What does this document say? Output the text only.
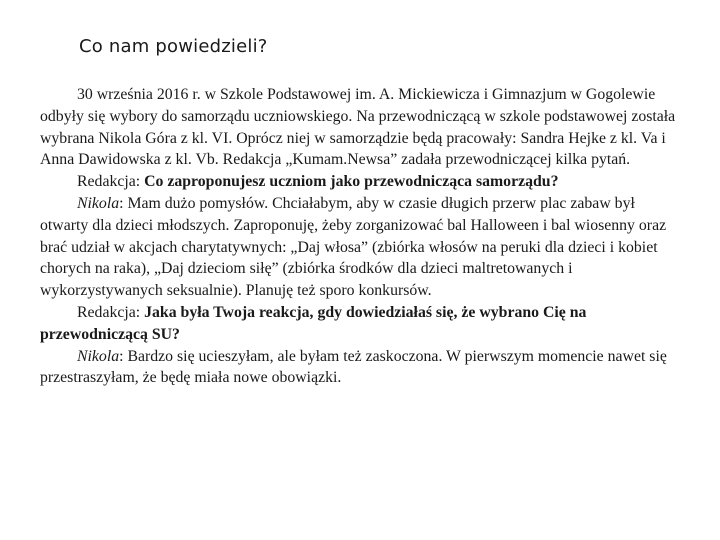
Co nam powiedzieli?

30 września 2016 r. w Szkole Podstawowej im. A. Mickiewicza i Gimnazjum w Gogolewie odbyły się wybory do samorządu uczniowskiego. Na przewodniczącą w szkole podstawowej została wybrana Nikola Góra z kl. VI. Oprócz niej w samorządzie będą pracowały: Sandra Hejke z kl. Va i Anna Dawidowska z kl. Vb. Redakcja „Kumam.Newsa” zadała przewodniczącej kilka pytań.

Redakcja: Co zaproponujesz uczniom jako przewodnicząca samorządu?

Nikola: Mam dużo pomysłów. Chciałabym, aby w czasie długich przerw plac zabaw był otwarty dla dzieci młodszych. Zaproponuję, żeby zorganizować bal Halloween i bal wiosenny oraz brać udział w akcjach charytatywnych: „Daj włosa” (zbiórka włosów na peruki dla dzieci i kobiet chorych na raka), „Daj dzieciom siłę” (zbiórka środków dla dzieci maltretowanych i wykorzystywanych seksualnie). Planuję też sporo konkursów.

Redakcja: Jaka była Twoja reakcja, gdy dowiedziałaś się, że wybrano Cię na przewodniczącą SU?

Nikola: Bardzo się ucieszyłam, ale byłam też zaskoczona. W pierwszym momencie nawet się przestraszyłam, że będę miała nowe obowiązki.
